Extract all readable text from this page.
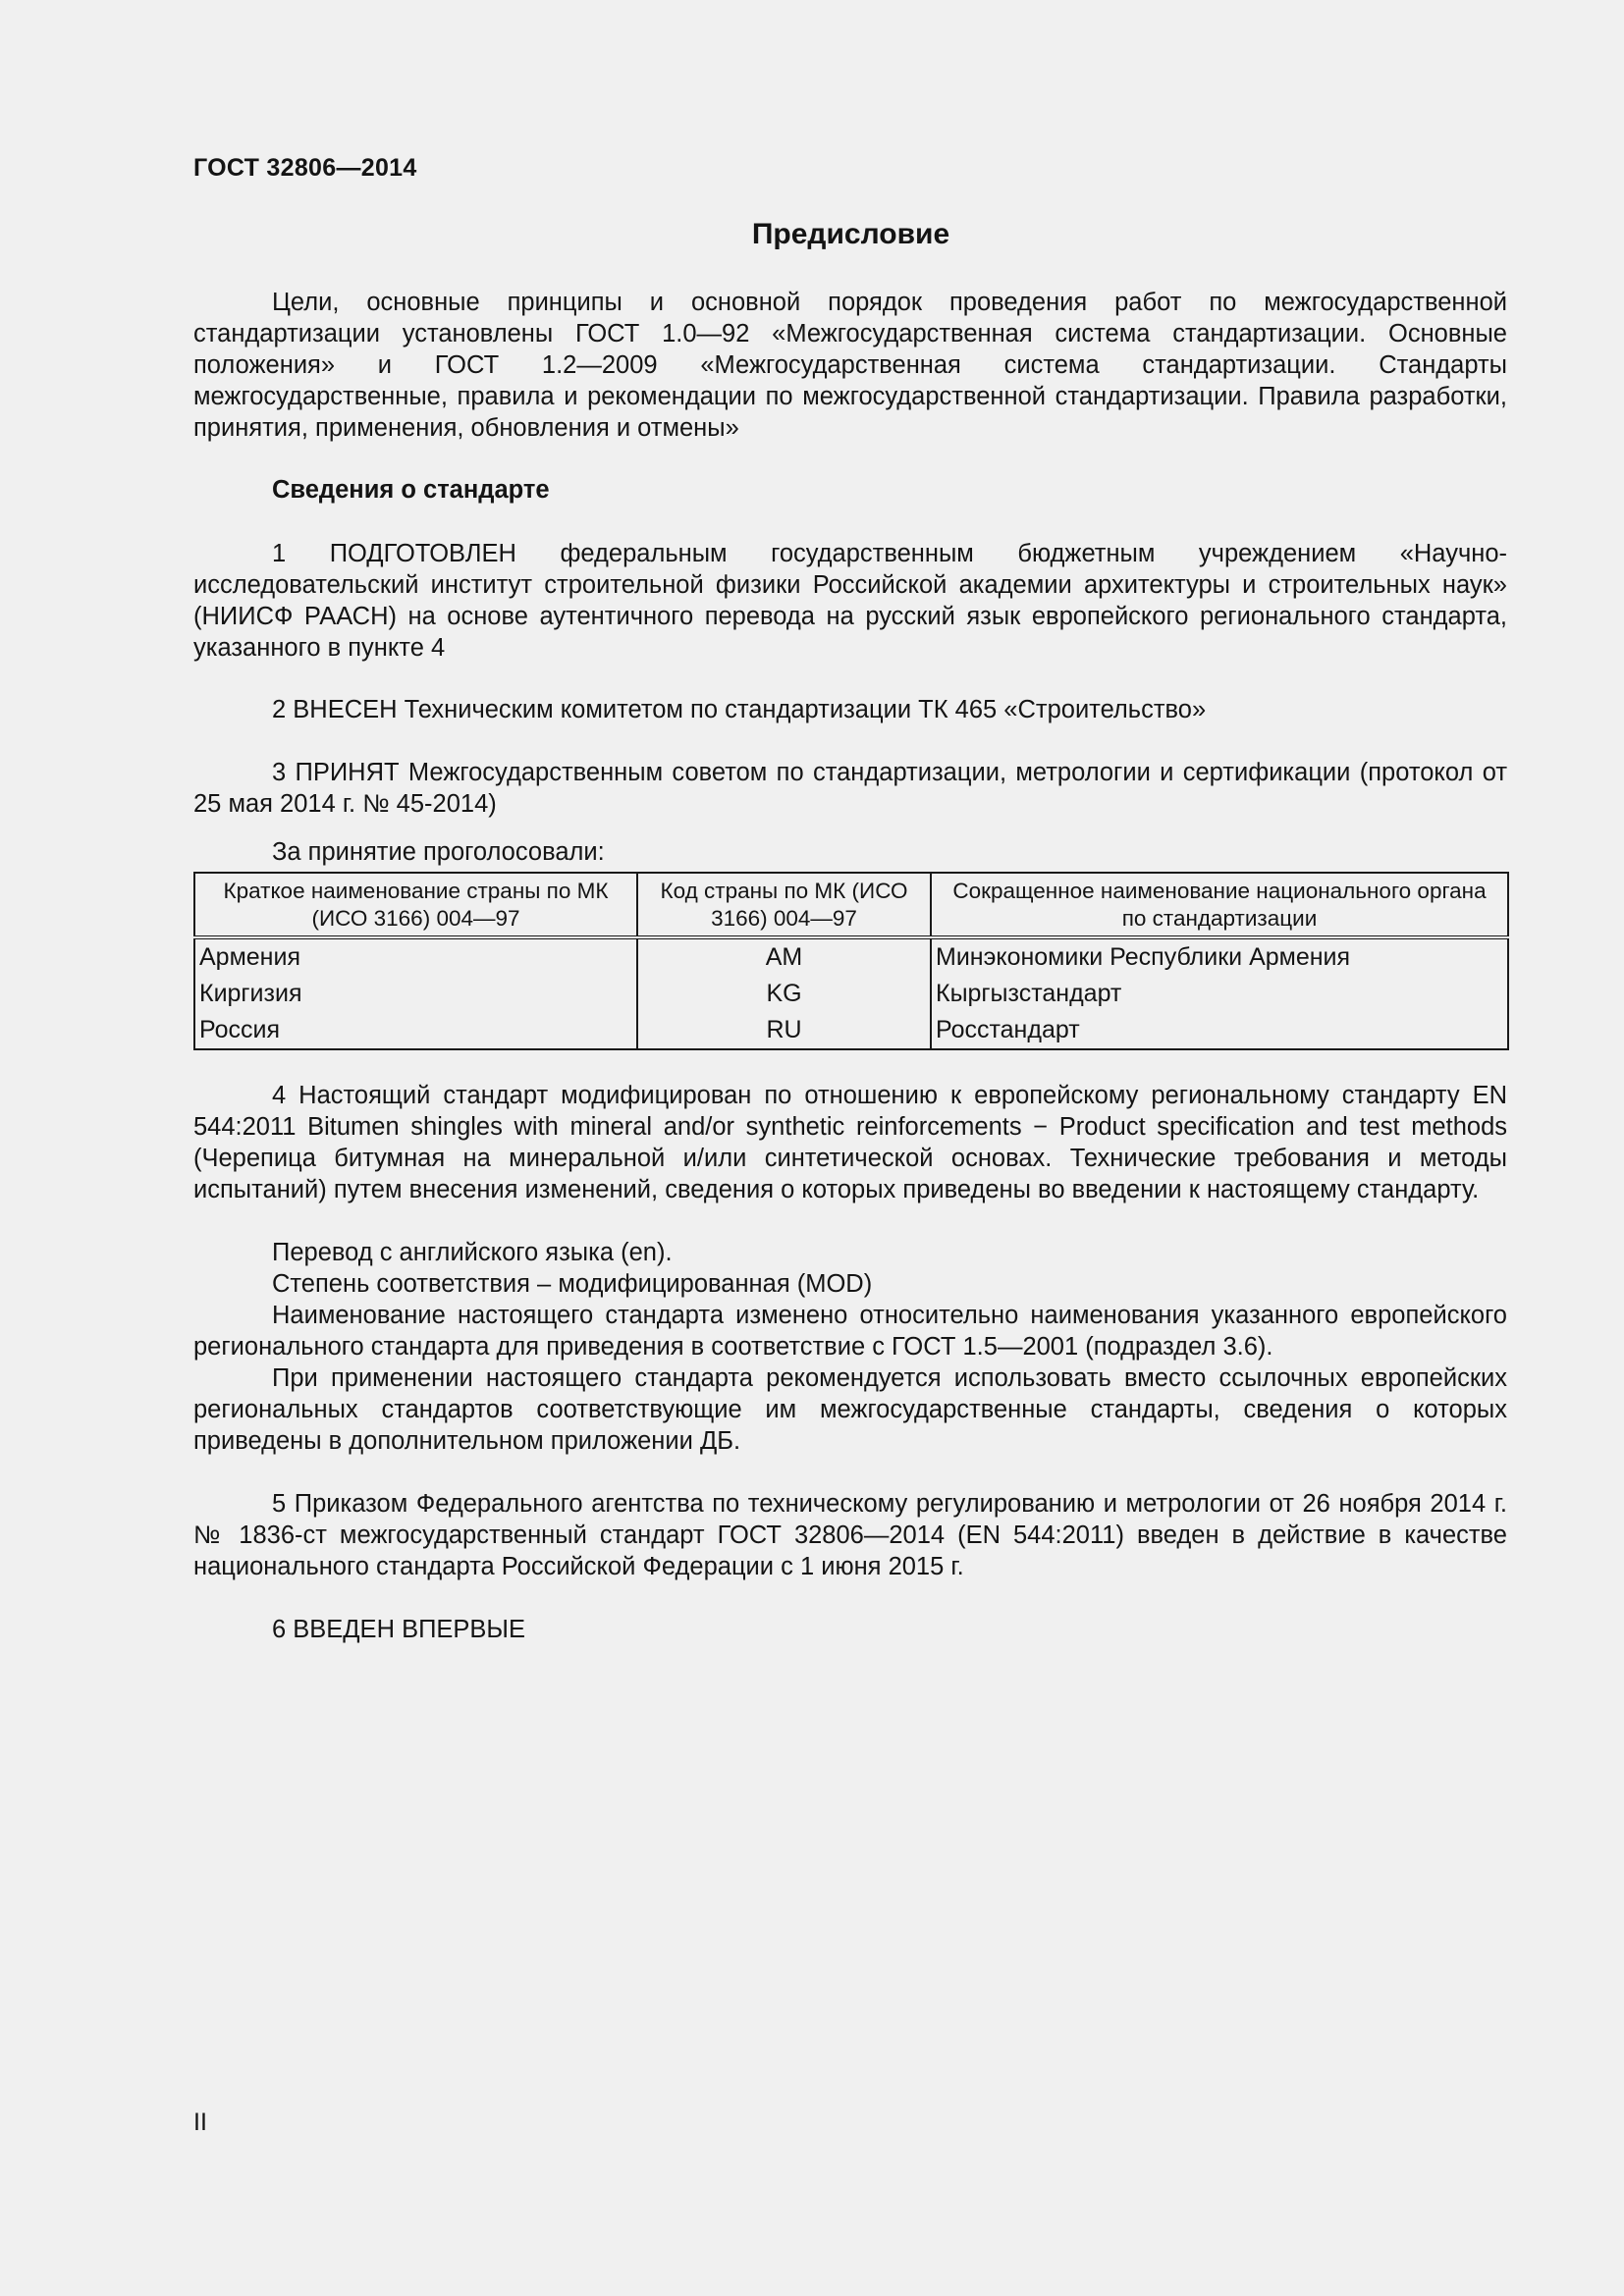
ГОСТ 32806—2014
Предисловие

Цели, основные принципы и основной порядок проведения работ по межгосударственной стандартизации установлены ГОСТ 1.0—92 «Межгосударственная система стандартизации. Основные положения» и ГОСТ 1.2—2009 «Межгосударственная система стандартизации. Стандарты межгосударственные, правила и рекомендации по межгосударственной стандартизации. Правила разработки, принятия, применения, обновления и отмены»

Сведения о стандарте

1 ПОДГОТОВЛЕН федеральным государственным бюджетным учреждением «Научно-исследовательский институт строительной физики Российской академии архитектуры и строительных наук» (НИИСФ РААСН) на основе аутентичного перевода на русский язык европейского регионального стандарта, указанного в пункте 4

2 ВНЕСЕН Техническим комитетом по стандартизации ТК 465 «Строительство»

3 ПРИНЯТ Межгосударственным советом по стандартизации, метрологии и сертификации (протокол от 25 мая 2014 г. № 45-2014)

За принятие проголосовали:

Краткое наименование страны по МК (ИСО 3166) 004—97	Код страны по МК (ИСО 3166) 004—97	Сокращенное наименование национального органа по стандартизации
Армения	AM	Минэкономики Республики Армения
Киргизия	KG	Кыргызстандарт
Россия	RU	Росстандарт

4 Настоящий стандарт модифицирован по отношению к европейскому региональному стандарту EN 544:2011 Bitumen shingles with mineral and/or synthetic reinforcements − Product specification and test methods (Черепица битумная на минеральной и/или синтетической основах. Технические требования и методы испытаний) путем внесения изменений, сведения о которых приведены во введении к настоящему стандарту.

Перевод с английского языка (en).

Степень соответствия – модифицированная (MOD)

Наименование настоящего стандарта изменено относительно наименования указанного европейского регионального стандарта для приведения в соответствие с ГОСТ 1.5—2001 (подраздел 3.6).

При применении настоящего стандарта рекомендуется использовать вместо ссылочных европейских региональных стандартов соответствующие им межгосударственные стандарты, сведения о которых приведены в дополнительном приложении ДБ.

5 Приказом Федерального агентства по техническому регулированию и метрологии от 26 ноября 2014 г. № 1836-ст межгосударственный стандарт ГОСТ 32806—2014 (EN 544:2011) введен в действие в качестве национального стандарта Российской Федерации с 1 июня 2015 г.

6 ВВЕДЕН ВПЕРВЫЕ

II
